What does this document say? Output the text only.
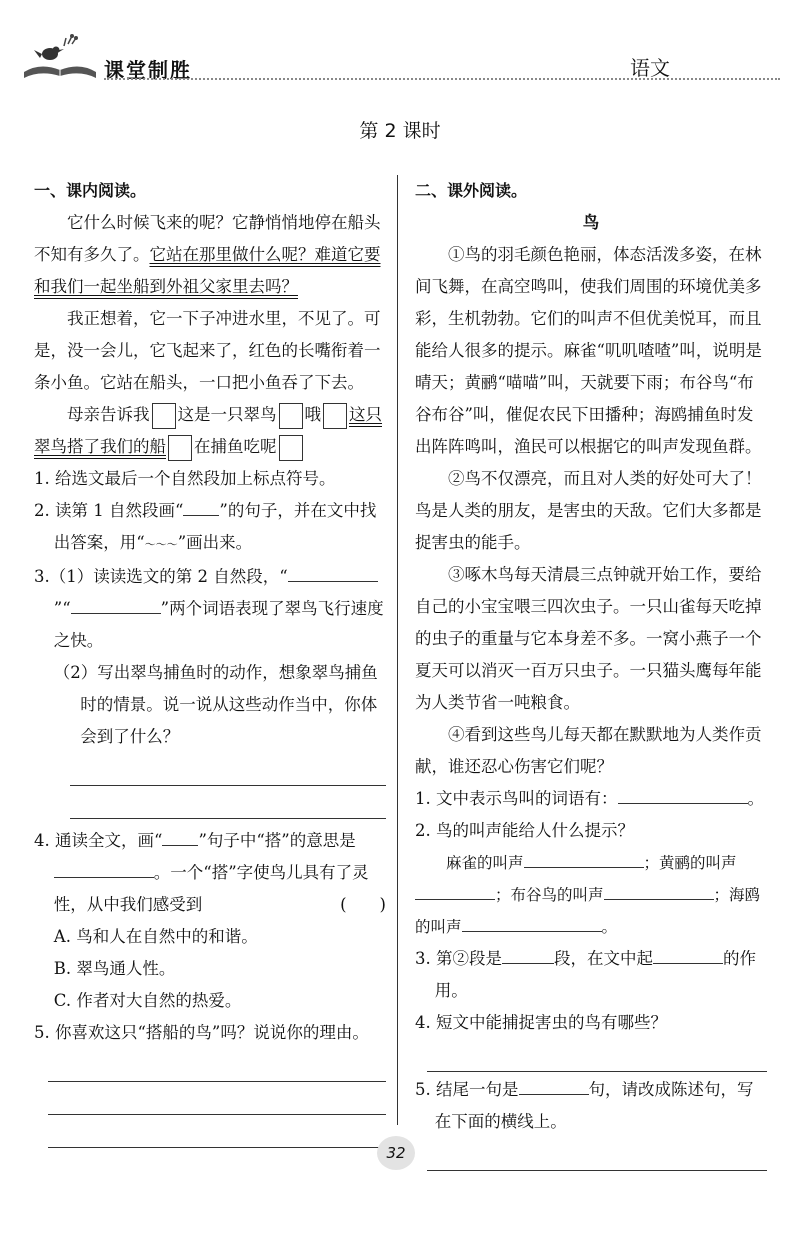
课堂制胜	语文
第 2 课时
一、课内阅读。

它什么时候飞来的呢？它静悄悄地停在船头不知有多久了。它站在那里做什么呢？难道它要和我们一起坐船到外祖父家里去吗？

我正想着，它一下子冲进水里，不见了。可是，没一会儿，它飞起来了，红色的长嘴衔着一条小鱼。它站在船头，一口把小鱼吞了下去。

母亲告诉我 这是一只翠鸟 哦 这只翠鸟搭了我们的船 在捕鱼吃呢

1. 给选文最后一个自然段加上标点符号。

2. 读第 1 自然段画“ ”的句子，并在文中找出答案，用“～～～”画出来。

3.（1）读读选文的第 2 自然段，“”“	”两个词语表现了翠鸟飞行速度之快。

（2）写出翠鸟捕鱼时的动作，想象翠鸟捕鱼时的情景。说一说从这些动作当中，你体会到了什么？

4. 通读全文，画“ ”句子中“搭”的意思是。一个“搭”字使鸟儿具有了灵性，从中我们感受到	(　　)

A. 鸟和人在自然中的和谐。

B. 翠鸟通人性。

C. 作者对大自然的热爱。

5. 你喜欢这只“搭船的鸟”吗？说说你的理由。

二、课外阅读。
鸟

①鸟的羽毛颜色艳丽，体态活泼多姿，在林间飞舞，在高空鸣叫，使我们周围的环境优美多彩，生机勃勃。它们的叫声不但优美悦耳，而且能给人很多的提示。麻雀“叽叽喳喳”叫，说明是晴天；黄鹂“喵喵”叫，天就要下雨；布谷鸟“布谷布谷”叫，催促农民下田播种；海鸥捕鱼时发出阵阵鸣叫，渔民可以根据它的叫声发现鱼群。

②鸟不仅漂亮，而且对人类的好处可大了！鸟是人类的朋友，是害虫的天敌。它们大多都是捉害虫的能手。

③啄木鸟每天清晨三点钟就开始工作，要给自己的小宝宝喂三四次虫子。一只山雀每天吃掉的虫子的重量与它本身差不多。一窝小燕子一个夏天可以消灭一百万只虫子。一只猫头鹰每年能为人类节省一吨粮食。

④看到这些鸟儿每天都在默默地为人类作贡献，谁还忍心伤害它们呢？

1. 文中表示鸟叫的词语有：	。

2. 鸟的叫声能给人什么提示？

麻雀的叫声	；黄鹂的叫声；布谷鸟的叫声	；海鸥的叫声	。

3. 第②段是	段，在文中起	的作用。

4. 短文中能捕捉害虫的鸟有哪些？

5. 结尾一句是	句，请改成陈述句，写在下面的横线上。

32
